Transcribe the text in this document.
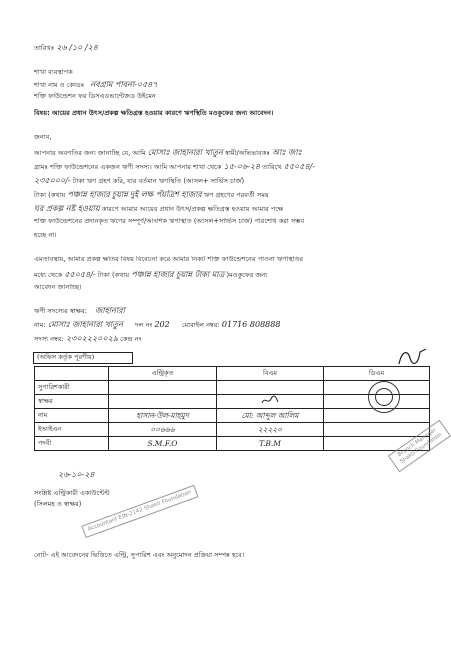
তারিখঃ ২৬ /১০ /২৪
শাখা ব্যবস্থাপক
শাখা নাম ও কোডঃ নবগ্রাম পাবনা-০৫৪৭
শক্তি ফাউন্ডেশন ফর ডিসএডভান্টেজড উইমেন
বিষয়: আয়ের প্রধান উৎস/প্রকল্প ক্ষতিগ্রস্ত হওয়ার কারণে ঋণস্থিতি মওকুফের জন্য আবেদন।
জনাব,
আপনার অবগতির জন্য জানাচ্ছি যে, আমি মোসাঃ জাহানারা খাতুন স্বামী/অভিভাবকঃ আঃ জাঃ
গ্রামঃ শক্তি ফাউন্ডেশনের একজন ঋণী সদস্য। আমি আপনার শাখা থেকে ১৫-০৬-২৪ তারিখে ৫৫০৫৪/-
২৩৫০০০/- টাকা ঋণ গ্রহণ করি, যার বর্তমান ঋণস্থিতি (আসল+ সার্ভিস চার্জ)
টাকা (কথায় পঞ্চান্ন হাজার চুয়ান্ন দুই লক্ষ পঁয়ত্রিশ হাজার ঋণ গ্রহণের পরবর্তী সময়
ঘর প্রকল্প নষ্ট হওয়ায় কারণে আমার আয়ের প্রধান উৎস/প্রকল্প ক্ষতিগ্রস্ত হওয়ায় আমার পক্ষে
শক্তি ফাউন্ডেশনের প্রদানকৃত ঋণের সম্পূর্ণ/আংশিক ঋণস্থিতি (আসল+সার্ভিস চার্জ) পরিশোধ করা সম্ভব
হচ্ছে না।
এমতাবস্থায়, আমার প্রকল্প ক্ষতির বিষয় বিবেচনা করে আমার নিকট শক্তি ফাউন্ডেশনের পাওনা ঋণস্থিতির
মধ্যে থেকে ৫৫০৫৪/- টাকা (কথায় পঞ্চান্ন হাজার চুয়ান্ন টাকা মাত্র )মওকুফের জন্য
আবেদন জানাচ্ছি।
ঋণী সদস্যের স্বাক্ষর: জাহানারা
নাম: মোসাঃ জাহানারা খাতুন দল নং 202 মোবাইল নম্বর: 01716 808888
সদস্য নম্বর: ২৩০২২২০০২৯ কেন্দ্র নং
(অফিস কর্তৃক পূরণীয়)
	এন্ট্রিকৃত	বিএম	ডিএম
সুপারিশকারী			
স্বাক্ষর			
নাম	হাসান-উল-মাহমুদ	মো: আব্দুল আলিম	
ইআইএন	০০৬৬৬	২২২২০	
পদবী	S.M.F.O	T.B.M		Branch Manager Shakti Foundation
২৬-১০-২৪
সংশ্লিষ্ট এন্ট্রিকারী একাউন্টেন্ট
(সিলমহ ও স্বাক্ষর)	Accountant EIN-2142 Shakti Foundation
নোট- এই আবেদনের ভিত্তিতে এন্ট্রি, সুপারিশ এবং অনুমোদন প্রক্রিয়া সম্পন্ন হবে।
